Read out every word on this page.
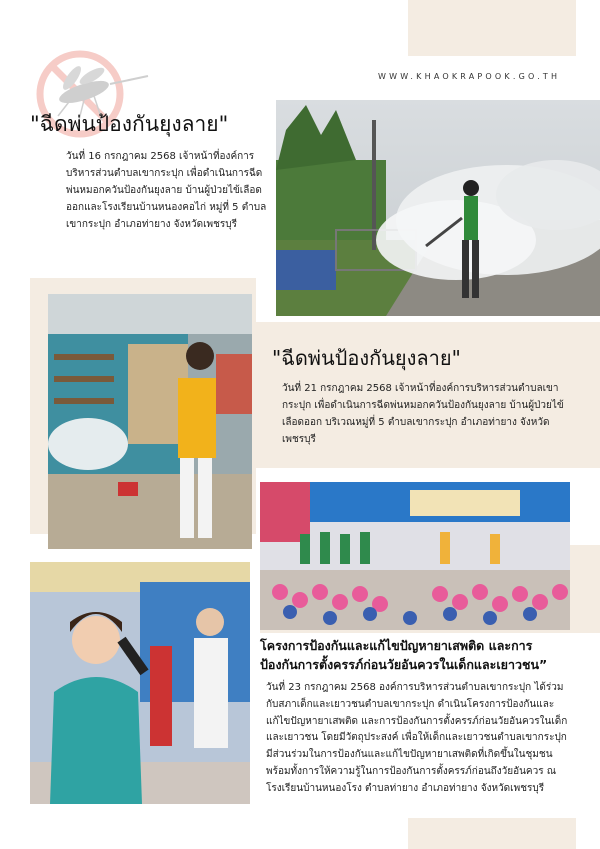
WWW.KHAOKRAPOOK.GO.TH
"ฉีดพ่นป้องกันยุงลาย"
วันที่ 16 กรกฎาคม 2568 เจ้าหน้าที่องค์การบริหารส่วนตำบลเขากระปุก เพื่อดำเนินการฉีดพ่นหมอกควันป้องกันยุงลาย บ้านผู้ป่วยไข้เลือดออกและโรงเรียนบ้านหนองคอไก่ หมู่ที่ 5 ตำบลเขากระปุก อำเภอท่ายาง จังหวัดเพชรบุรี
"ฉีดพ่นป้องกันยุงลาย"
วันที่ 21 กรกฎาคม 2568 เจ้าหน้าที่องค์การบริหารส่วนตำบลเขากระปุก เพื่อดำเนินการฉีดพ่นหมอกควันป้องกันยุงลาย บ้านผู้ป่วยไข้เลือดออก บริเวณหมู่ที่ 5 ตำบลเขากระปุก อำเภอท่ายาง จังหวัดเพชรบุรี
โครงการป้องกันและแก้ไขปัญหายาเสพติด และการ
ป้องกันการตั้งครรภ์ก่อนวัยอันควรในเด็กและเยาวชน”
วันที่ 23 กรกฎาคม 2568 องค์การบริหารส่วนตำบลเขากระปุก ได้ร่วมกับสภาเด็กและเยาวชนตำบลเขากระปุก ดำเนินโครงการป้องกันและแก้ไขปัญหายาเสพติด และการป้องกันการตั้งครรภ์ก่อนวัยอันควรในเด็กและเยาวชน โดยมีวัตถุประสงค์ เพื่อให้เด็กและเยาวชนตำบลเขากระปุกมีส่วนร่วมในการป้องกันและแก้ไขปัญหายาเสพติดที่เกิดขึ้นในชุมชน พร้อมทั้งการให้ความรู้ในการป้องกันการตั้งครรภ์ก่อนถึงวัยอันควร ณ โรงเรียนบ้านหนองโรง ตำบลท่ายาง อำเภอท่ายาง จังหวัดเพชรบุรี
